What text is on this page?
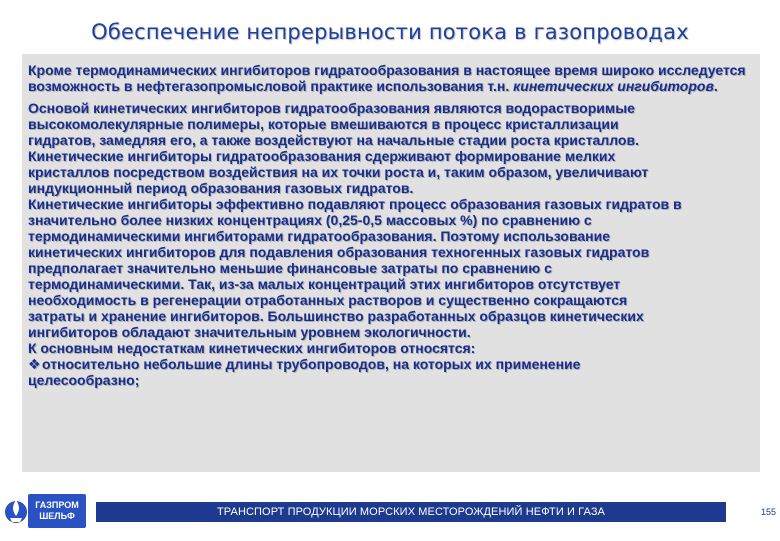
Обеспечение непрерывности потока в газопроводах

Кроме термодинамических ингибиторов гидратообразования в настоящее время широко исследуется возможность в нефтегазопромысловой практике использования т.н. кинетических ингибиторов.

Основой кинетических ингибиторов гидратообразования являются водорастворимые
высокомолекулярные полимеры, которые вмешиваются в процесс кристаллизации
гидратов, замедляя его, а также воздействуют на начальные стадии роста кристаллов.
Кинетические ингибиторы гидратообразования сдерживают формирование мелких
кристаллов посредством воздействия на их точки роста и, таким образом, увеличивают
индукционный период образования газовых гидратов.
Кинетические ингибиторы эффективно подавляют процесс образования газовых гидратов в
значительно более низких концентрациях (0,25-0,5 массовых %) по сравнению с
термодинамическими ингибиторами гидратообразования. Поэтому использование
кинетических ингибиторов для подавления образования техногенных газовых гидратов
предполагает значительно меньшие финансовые затраты по сравнению с
термодинамическими. Так, из-за малых концентраций этих ингибиторов отсутствует
необходимость в регенерации отработанных растворов и существенно сокращаются
затраты и хранение ингибиторов. Большинство разработанных образцов кинетических
ингибиторов обладают значительным уровнем экологичности.
К основным недостаткам кинетических ингибиторов относятся:
❖относительно небольшие длины трубопроводов, на которых их применение
целесообразно;
ГАЗПРОМ
ШЕЛЬФ	ТРАНСПОРТ ПРОДУКЦИИ МОРСКИХ МЕСТОРОЖДЕНИЙ НЕФТИ И ГАЗА	155
